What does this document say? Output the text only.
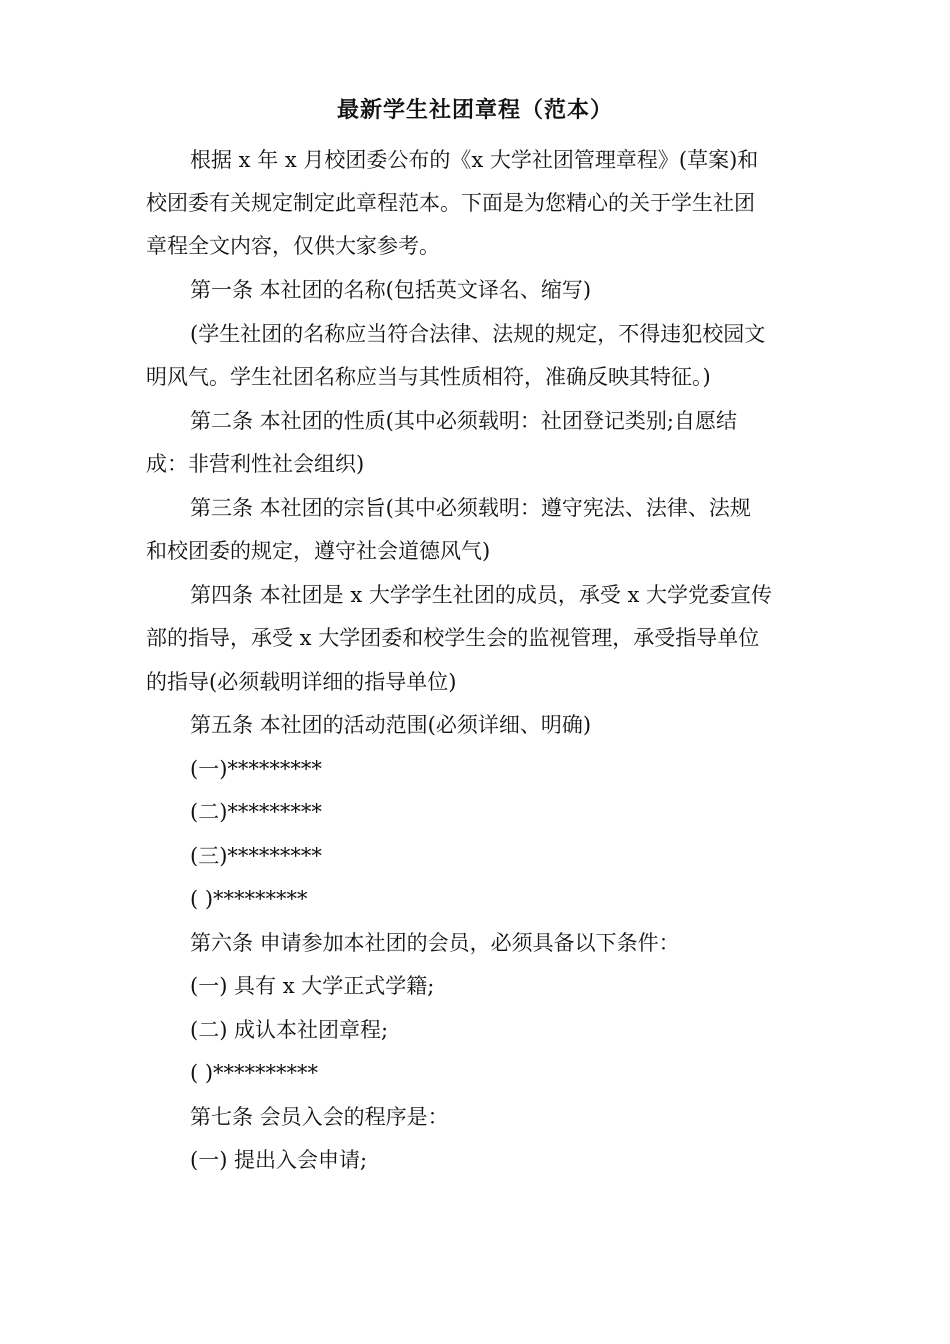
最新学生社团章程（范本）
根据 x 年 x 月校团委公布的《x 大学社团管理章程》(草案)和
校团委有关规定制定此章程范本。下面是为您精心的关于学生社团
章程全文内容，仅供大家参考。
第一条 本社团的名称(包括英文译名、缩写)
(学生社团的名称应当符合法律、法规的规定，不得违犯校园文
明风气。学生社团名称应当与其性质相符，准确反映其特征。)
第二条 本社团的性质(其中必须载明：社团登记类别;自愿结
成：非营利性社会组织)
第三条 本社团的宗旨(其中必须载明：遵守宪法、法律、法规
和校团委的规定，遵守社会道德风气)
第四条 本社团是 x 大学学生社团的成员，承受 x 大学党委宣传
部的指导，承受 x 大学团委和校学生会的监视管理，承受指导单位
的指导(必须载明详细的指导单位)
第五条 本社团的活动范围(必须详细、明确)
(一)*********
(二)*********
(三)*********
( )*********
第六条 申请参加本社团的会员，必须具备以下条件：
(一) 具有 x 大学正式学籍;
(二) 成认本社团章程;
( )**********
第七条 会员入会的程序是：
(一) 提出入会申请;
